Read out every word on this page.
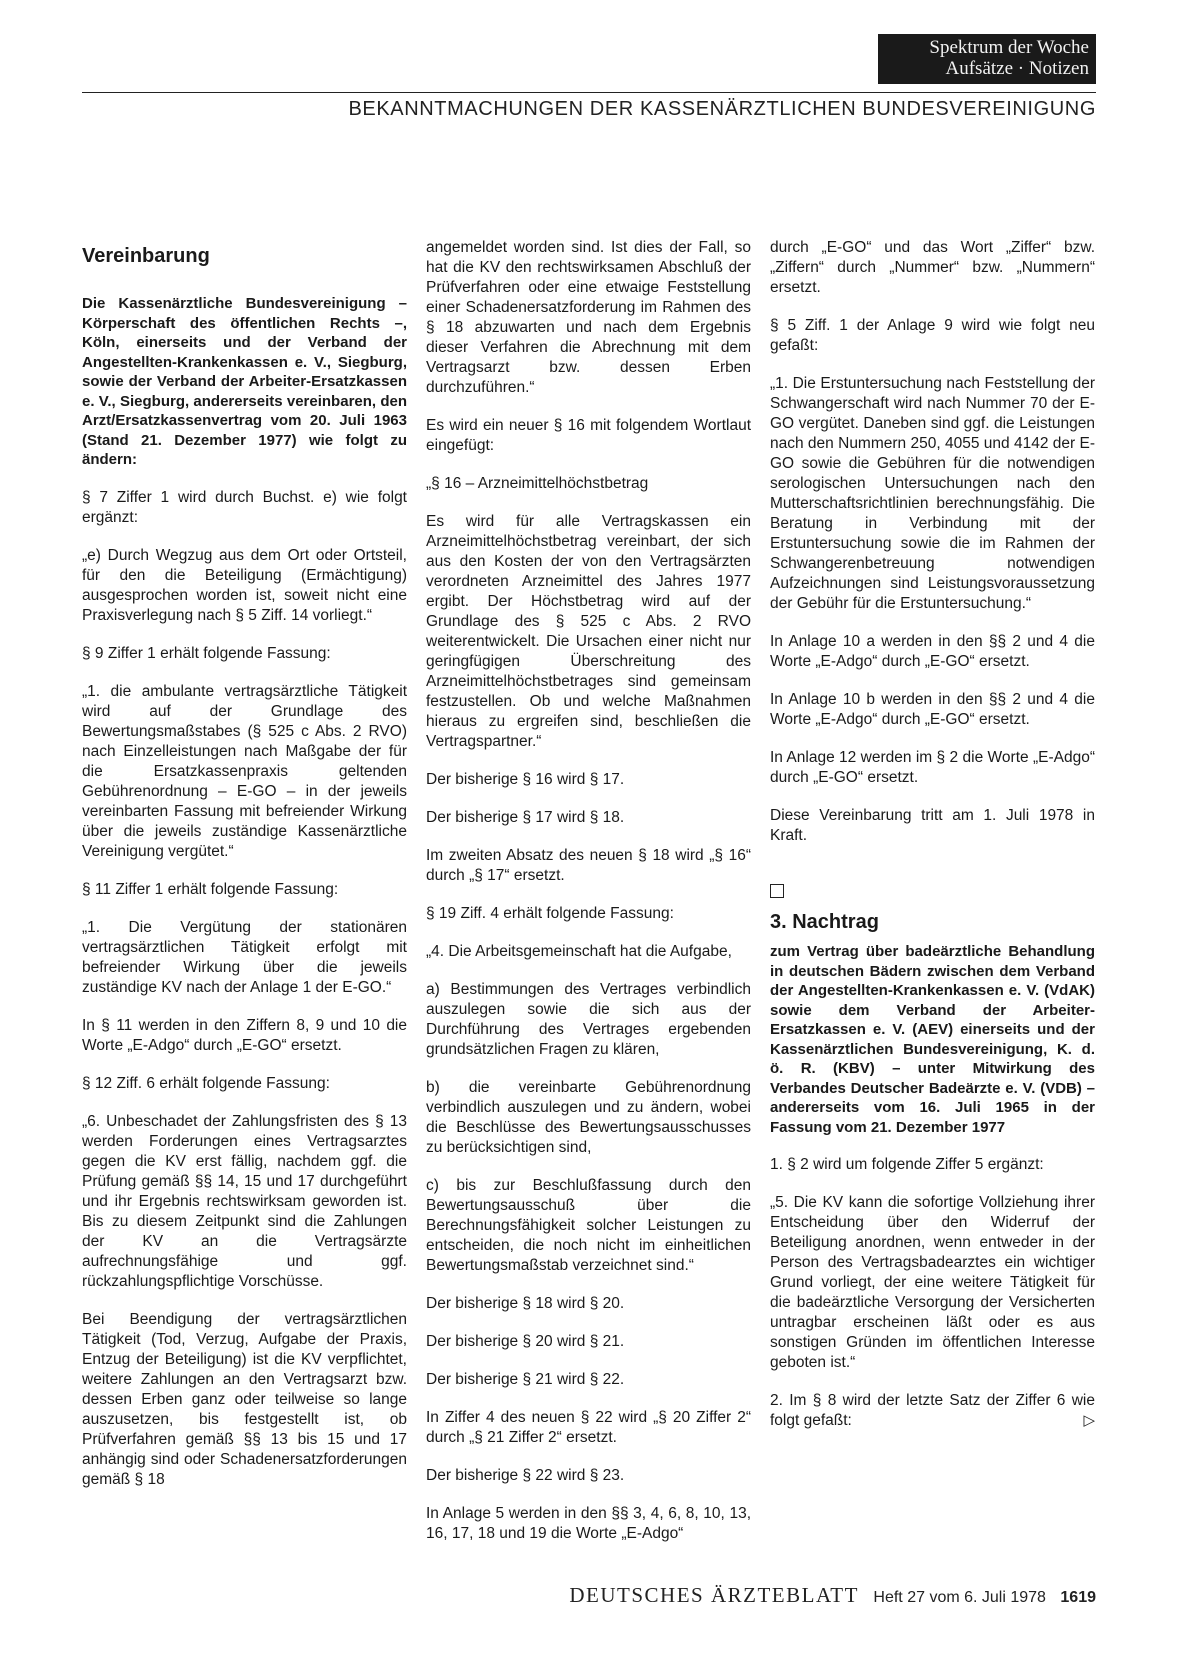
Spektrum der Woche
Aufsätze · Notizen
BEKANNTMACHUNGEN DER KASSENÄRZTLICHEN BUNDESVEREINIGUNG
Vereinbarung

Die Kassenärztliche Bundesvereinigung – Körperschaft des öffentlichen Rechts –, Köln, einerseits und der Verband der Angestellten-Krankenkassen e. V., Siegburg, sowie der Verband der Arbeiter-Ersatzkassen e. V., Siegburg, andererseits vereinbaren, den Arzt/Ersatzkassenvertrag vom 20. Juli 1963 (Stand 21. Dezember 1977) wie folgt zu ändern:

§ 7 Ziffer 1 wird durch Buchst. e) wie folgt ergänzt:

„e) Durch Wegzug aus dem Ort oder Ortsteil, für den die Beteiligung (Ermächtigung) ausgesprochen worden ist, soweit nicht eine Praxisverlegung nach § 5 Ziff. 14 vorliegt.“

§ 9 Ziffer 1 erhält folgende Fassung:

„1. die ambulante vertragsärztliche Tätigkeit wird auf der Grundlage des Bewertungsmaßstabes (§ 525 c Abs. 2 RVO) nach Einzelleistungen nach Maßgabe der für die Ersatzkassenpraxis geltenden Gebührenordnung – E-GO – in der jeweils vereinbarten Fassung mit befreiender Wirkung über die jeweils zuständige Kassenärztliche Vereinigung vergütet.“

§ 11 Ziffer 1 erhält folgende Fassung:

„1. Die Vergütung der stationären vertragsärztlichen Tätigkeit erfolgt mit befreiender Wirkung über die jeweils zuständige KV nach der Anlage 1 der E-GO.“

In § 11 werden in den Ziffern 8, 9 und 10 die Worte „E-Adgo“ durch „E-GO“ ersetzt.

§ 12 Ziff. 6 erhält folgende Fassung:

„6. Unbeschadet der Zahlungsfristen des § 13 werden Forderungen eines Vertragsarztes gegen die KV erst fällig, nachdem ggf. die Prüfung gemäß §§ 14, 15 und 17 durchgeführt und ihr Ergebnis rechtswirksam geworden ist. Bis zu diesem Zeitpunkt sind die Zahlungen der KV an die Vertragsärzte aufrechnungsfähige und ggf. rückzahlungspflichtige Vorschüsse.

Bei Beendigung der vertragsärztlichen Tätigkeit (Tod, Verzug, Aufgabe der Praxis, Entzug der Beteiligung) ist die KV verpflichtet, weitere Zahlungen an den Vertragsarzt bzw. dessen Erben ganz oder teilweise so lange auszusetzen, bis festgestellt ist, ob Prüfverfahren gemäß §§ 13 bis 15 und 17 anhängig sind oder Schadenersatzforderungen gemäß § 18

angemeldet worden sind. Ist dies der Fall, so hat die KV den rechtswirksamen Abschluß der Prüfverfahren oder eine etwaige Feststellung einer Schadenersatzforderung im Rahmen des § 18 abzuwarten und nach dem Ergebnis dieser Verfahren die Abrechnung mit dem Vertragsarzt bzw. dessen Erben durchzuführen.“

Es wird ein neuer § 16 mit folgendem Wortlaut eingefügt:

„§ 16 – Arzneimittelhöchstbetrag

Es wird für alle Vertragskassen ein Arzneimittelhöchstbetrag vereinbart, der sich aus den Kosten der von den Vertragsärzten verordneten Arzneimittel des Jahres 1977 ergibt. Der Höchstbetrag wird auf der Grundlage des § 525 c Abs. 2 RVO weiterentwickelt. Die Ursachen einer nicht nur geringfügigen Überschreitung des Arzneimittelhöchstbetrages sind gemeinsam festzustellen. Ob und welche Maßnahmen hieraus zu ergreifen sind, beschließen die Vertragspartner.“

Der bisherige § 16 wird § 17.

Der bisherige § 17 wird § 18.

Im zweiten Absatz des neuen § 18 wird „§ 16“ durch „§ 17“ ersetzt.

§ 19 Ziff. 4 erhält folgende Fassung:

„4. Die Arbeitsgemeinschaft hat die Aufgabe,

a) Bestimmungen des Vertrages verbindlich auszulegen sowie die sich aus der Durchführung des Vertrages ergebenden grundsätzlichen Fragen zu klären,

b) die vereinbarte Gebührenordnung verbindlich auszulegen und zu ändern, wobei die Beschlüsse des Bewertungsausschusses zu berücksichtigen sind,

c) bis zur Beschlußfassung durch den Bewertungsausschuß über die Berechnungsfähigkeit solcher Leistungen zu entscheiden, die noch nicht im einheitlichen Bewertungsmaßstab verzeichnet sind.“

Der bisherige § 18 wird § 20.

Der bisherige § 20 wird § 21.

Der bisherige § 21 wird § 22.

In Ziffer 4 des neuen § 22 wird „§ 20 Ziffer 2“ durch „§ 21 Ziffer 2“ ersetzt.

Der bisherige § 22 wird § 23.

In Anlage 5 werden in den §§ 3, 4, 6, 8, 10, 13, 16, 17, 18 und 19 die Worte „E-Adgo“

durch „E-GO“ und das Wort „Ziffer“ bzw. „Ziffern“ durch „Nummer“ bzw. „Nummern“ ersetzt.

§ 5 Ziff. 1 der Anlage 9 wird wie folgt neu gefaßt:

„1. Die Erstuntersuchung nach Feststellung der Schwangerschaft wird nach Nummer 70 der E-GO vergütet. Daneben sind ggf. die Leistungen nach den Nummern 250, 4055 und 4142 der E-GO sowie die Gebühren für die notwendigen serologischen Untersuchungen nach den Mutterschaftsrichtlinien berechnungsfähig. Die Beratung in Verbindung mit der Erstuntersuchung sowie die im Rahmen der Schwangerenbetreuung notwendigen Aufzeichnungen sind Leistungsvoraussetzung der Gebühr für die Erstuntersuchung.“

In Anlage 10 a werden in den §§ 2 und 4 die Worte „E-Adgo“ durch „E-GO“ ersetzt.

In Anlage 10 b werden in den §§ 2 und 4 die Worte „E-Adgo“ durch „E-GO“ ersetzt.

In Anlage 12 werden im § 2 die Worte „E-Adgo“ durch „E-GO“ ersetzt.

Diese Vereinbarung tritt am 1. Juli 1978 in Kraft.

3. Nachtrag

zum Vertrag über badeärztliche Behandlung in deutschen Bädern zwischen dem Verband der Angestellten-Krankenkassen e. V. (VdAK) sowie dem Verband der Arbeiter-Ersatzkassen e. V. (AEV) einerseits und der Kassenärztlichen Bundesvereinigung, K. d. ö. R. (KBV) – unter Mitwirkung des Verbandes Deutscher Badeärzte e. V. (VDB) – andererseits vom 16. Juli 1965 in der Fassung vom 21. Dezember 1977

1. § 2 wird um folgende Ziffer 5 ergänzt:

„5. Die KV kann die sofortige Vollziehung ihrer Entscheidung über den Widerruf der Beteiligung anordnen, wenn entweder in der Person des Vertragsbadearztes ein wichtiger Grund vorliegt, der eine weitere Tätigkeit für die badeärztliche Versorgung der Versicherten untragbar erscheinen läßt oder es aus sonstigen Gründen im öffentlichen Interesse geboten ist.“

2. Im § 8 wird der letzte Satz der Ziffer 6 wie folgt gefaßt:	▷

DEUTSCHES ÄRZTEBLATT Heft 27 vom 6. Juli 1978 1619
